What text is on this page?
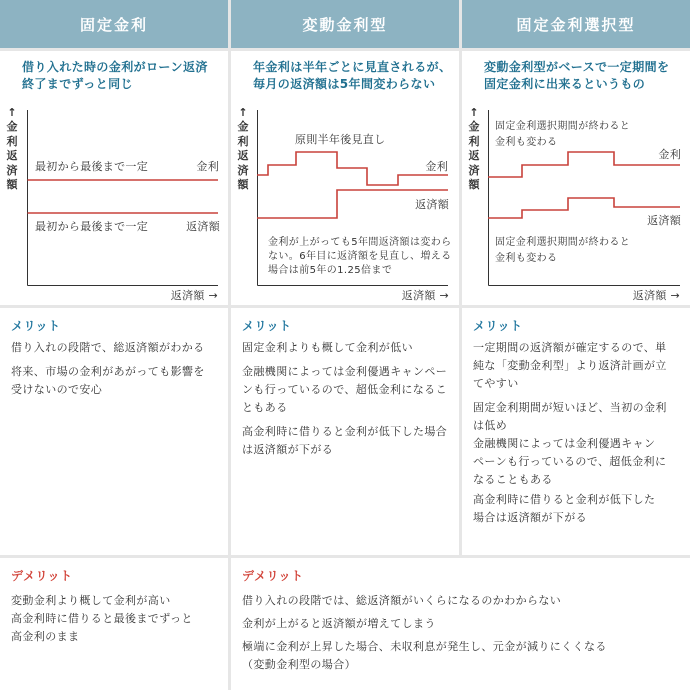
固定金利	変動金利型	固定金利選択型
借り入れた時の金利がローン返済
終了までずっと同じ
↑
金利返済額
最初から最後まで一定	金利
最初から最後まで一定	返済額
返済額 →
年金利は半年ごとに見直されるが、
毎月の返済額は5年間変わらない
↑
金利返済額
原則半年後見直し
金利
返済額
金利が上がっても5年間返済額は変わら
ない。6年目に返済額を見直し、増える
場合は前5年の1.25倍まで
返済額 →
変動金利型がベースで一定期間を
固定金利に出来るというもの
↑
金利返済額
固定金利選択期間が終わると
金利も変わる
金利
返済額
固定金利選択期間が終わると
金利も変わる
返済額 →
メリット
借り入れの段階で、総返済額がわかる
将来、市場の金利があがっても影響を
受けないので安心
メリット
固定金利よりも概して金利が低い
金融機関によっては金利優遇キャンペー
ンも行っているので、超低金利になるこ
ともある
高金利時に借りると金利が低下した場合
は返済額が下がる
メリット
一定期間の返済額が確定するので、単
純な「変動金利型」より返済計画が立
てやすい
固定金利期間が短いほど、当初の金利
は低め
金融機関によっては金利優遇キャン
ペーンも行っているので、超低金利に
なることもある
高金利時に借りると金利が低下した
場合は返済額が下がる
デメリット
変動金利より概して金利が高い
高金利時に借りると最後までずっと
高金利のまま
デメリット
借り入れの段階では、総返済額がいくらになるのかわからない
金利が上がると返済額が増えてしまう
極端に金利が上昇した場合、未収利息が発生し、元金が減りにくくなる
（変動金利型の場合）
